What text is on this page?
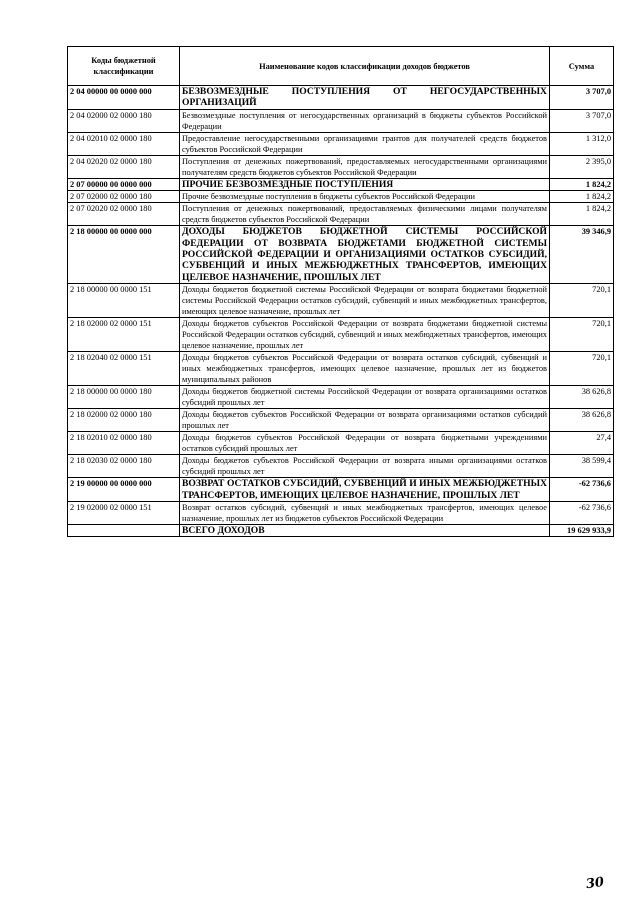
Коды бюджетной классификации	Наименование кодов классификации доходов бюджетов	Сумма
2 04 00000 00 0000 000	БЕЗВОЗМЕЗДНЫЕ ПОСТУПЛЕНИЯ ОТ НЕГОСУДАРСТВЕННЫХ ОРГАНИЗАЦИЙ	3 707,0
2 04 02000 02 0000 180	Безвозмездные поступления от негосударственных организаций в бюджеты субъектов Российской Федерации	3 707,0
2 04 02010 02 0000 180	Предоставление негосударственными организациями грантов для получателей средств бюджетов субъектов Российской Федерации	1 312,0
2 04 02020 02 0000 180	Поступления от денежных пожертвований, предоставляемых негосударственными организациями получателям средств бюджетов субъектов Российской Федерации	2 395,0
2 07 00000 00 0000 000	ПРОЧИЕ БЕЗВОЗМЕЗДНЫЕ ПОСТУПЛЕНИЯ	1 824,2
2 07 02000 02 0000 180	Прочие безвозмездные поступления в бюджеты субъектов Российской Федерации	1 824,2
2 07 02020 02 0000 180	Поступления от денежных пожертвований, предоставляемых физическими лицами получателям средств бюджетов субъектов Российской Федерации	1 824,2
2 18 00000 00 0000 000	ДОХОДЫ БЮДЖЕТОВ БЮДЖЕТНОЙ СИСТЕМЫ РОССИЙСКОЙ ФЕДЕРАЦИИ ОТ ВОЗВРАТА БЮДЖЕТАМИ БЮДЖЕТНОЙ СИСТЕМЫ РОССИЙСКОЙ ФЕДЕРАЦИИ И ОРГАНИЗАЦИЯМИ ОСТАТКОВ СУБСИДИЙ, СУБВЕНЦИЙ И ИНЫХ МЕЖБЮДЖЕТНЫХ ТРАНСФЕРТОВ, ИМЕЮЩИХ ЦЕЛЕВОЕ НАЗНАЧЕНИЕ, ПРОШЛЫХ ЛЕТ	39 346,9
2 18 00000 00 0000 151	Доходы бюджетов бюджетной системы Российской Федерации от возврата бюджетами бюджетной системы Российской Федерации остатков субсидий, субвенций и иных межбюджетных трансфертов, имеющих целевое назначение, прошлых лет	720,1
2 18 02000 02 0000 151	Доходы бюджетов субъектов Российской Федерации от возврата бюджетами бюджетной системы Российской Федерации остатков субсидий, субвенций и иных межбюджетных трансфертов, имеющих целевое назначение, прошлых лет	720,1
2 18 02040 02 0000 151	Доходы бюджетов субъектов Российской Федерации от возврата остатков субсидий, субвенций и иных межбюджетных трансфертов, имеющих целевое назначение, прошлых лет из бюджетов муниципальных районов	720,1
2 18 00000 00 0000 180	Доходы бюджетов бюджетной системы Российской Федерации от возврата организациями остатков субсидий прошлых лет	38 626,8
2 18 02000 02 0000 180	Доходы бюджетов субъектов Российской Федерации от возврата организациями остатков субсидий прошлых лет	38 626,8
2 18 02010 02 0000 180	Доходы бюджетов субъектов Российской Федерации от возврата бюджетными учреждениями остатков субсидий прошлых лет	27,4
2 18 02030 02 0000 180	Доходы бюджетов субъектов Российской Федерации от возврата иными организациями остатков субсидий прошлых лет	38 599,4
2 19 00000 00 0000 000	ВОЗВРАТ ОСТАТКОВ СУБСИДИЙ, СУБВЕНЦИЙ И ИНЫХ МЕЖБЮДЖЕТНЫХ ТРАНСФЕРТОВ, ИМЕЮЩИХ ЦЕЛЕВОЕ НАЗНАЧЕНИЕ, ПРОШЛЫХ ЛЕТ	-62 736,6
2 19 02000 02 0000 151	Возврат остатков субсидий, субвенций и иных межбюджетных трансфертов, имеющих целевое назначение, прошлых лет из бюджетов субъектов Российской Федерации	-62 736,6
	ВСЕГО ДОХОДОВ	19 629 933,9
30
